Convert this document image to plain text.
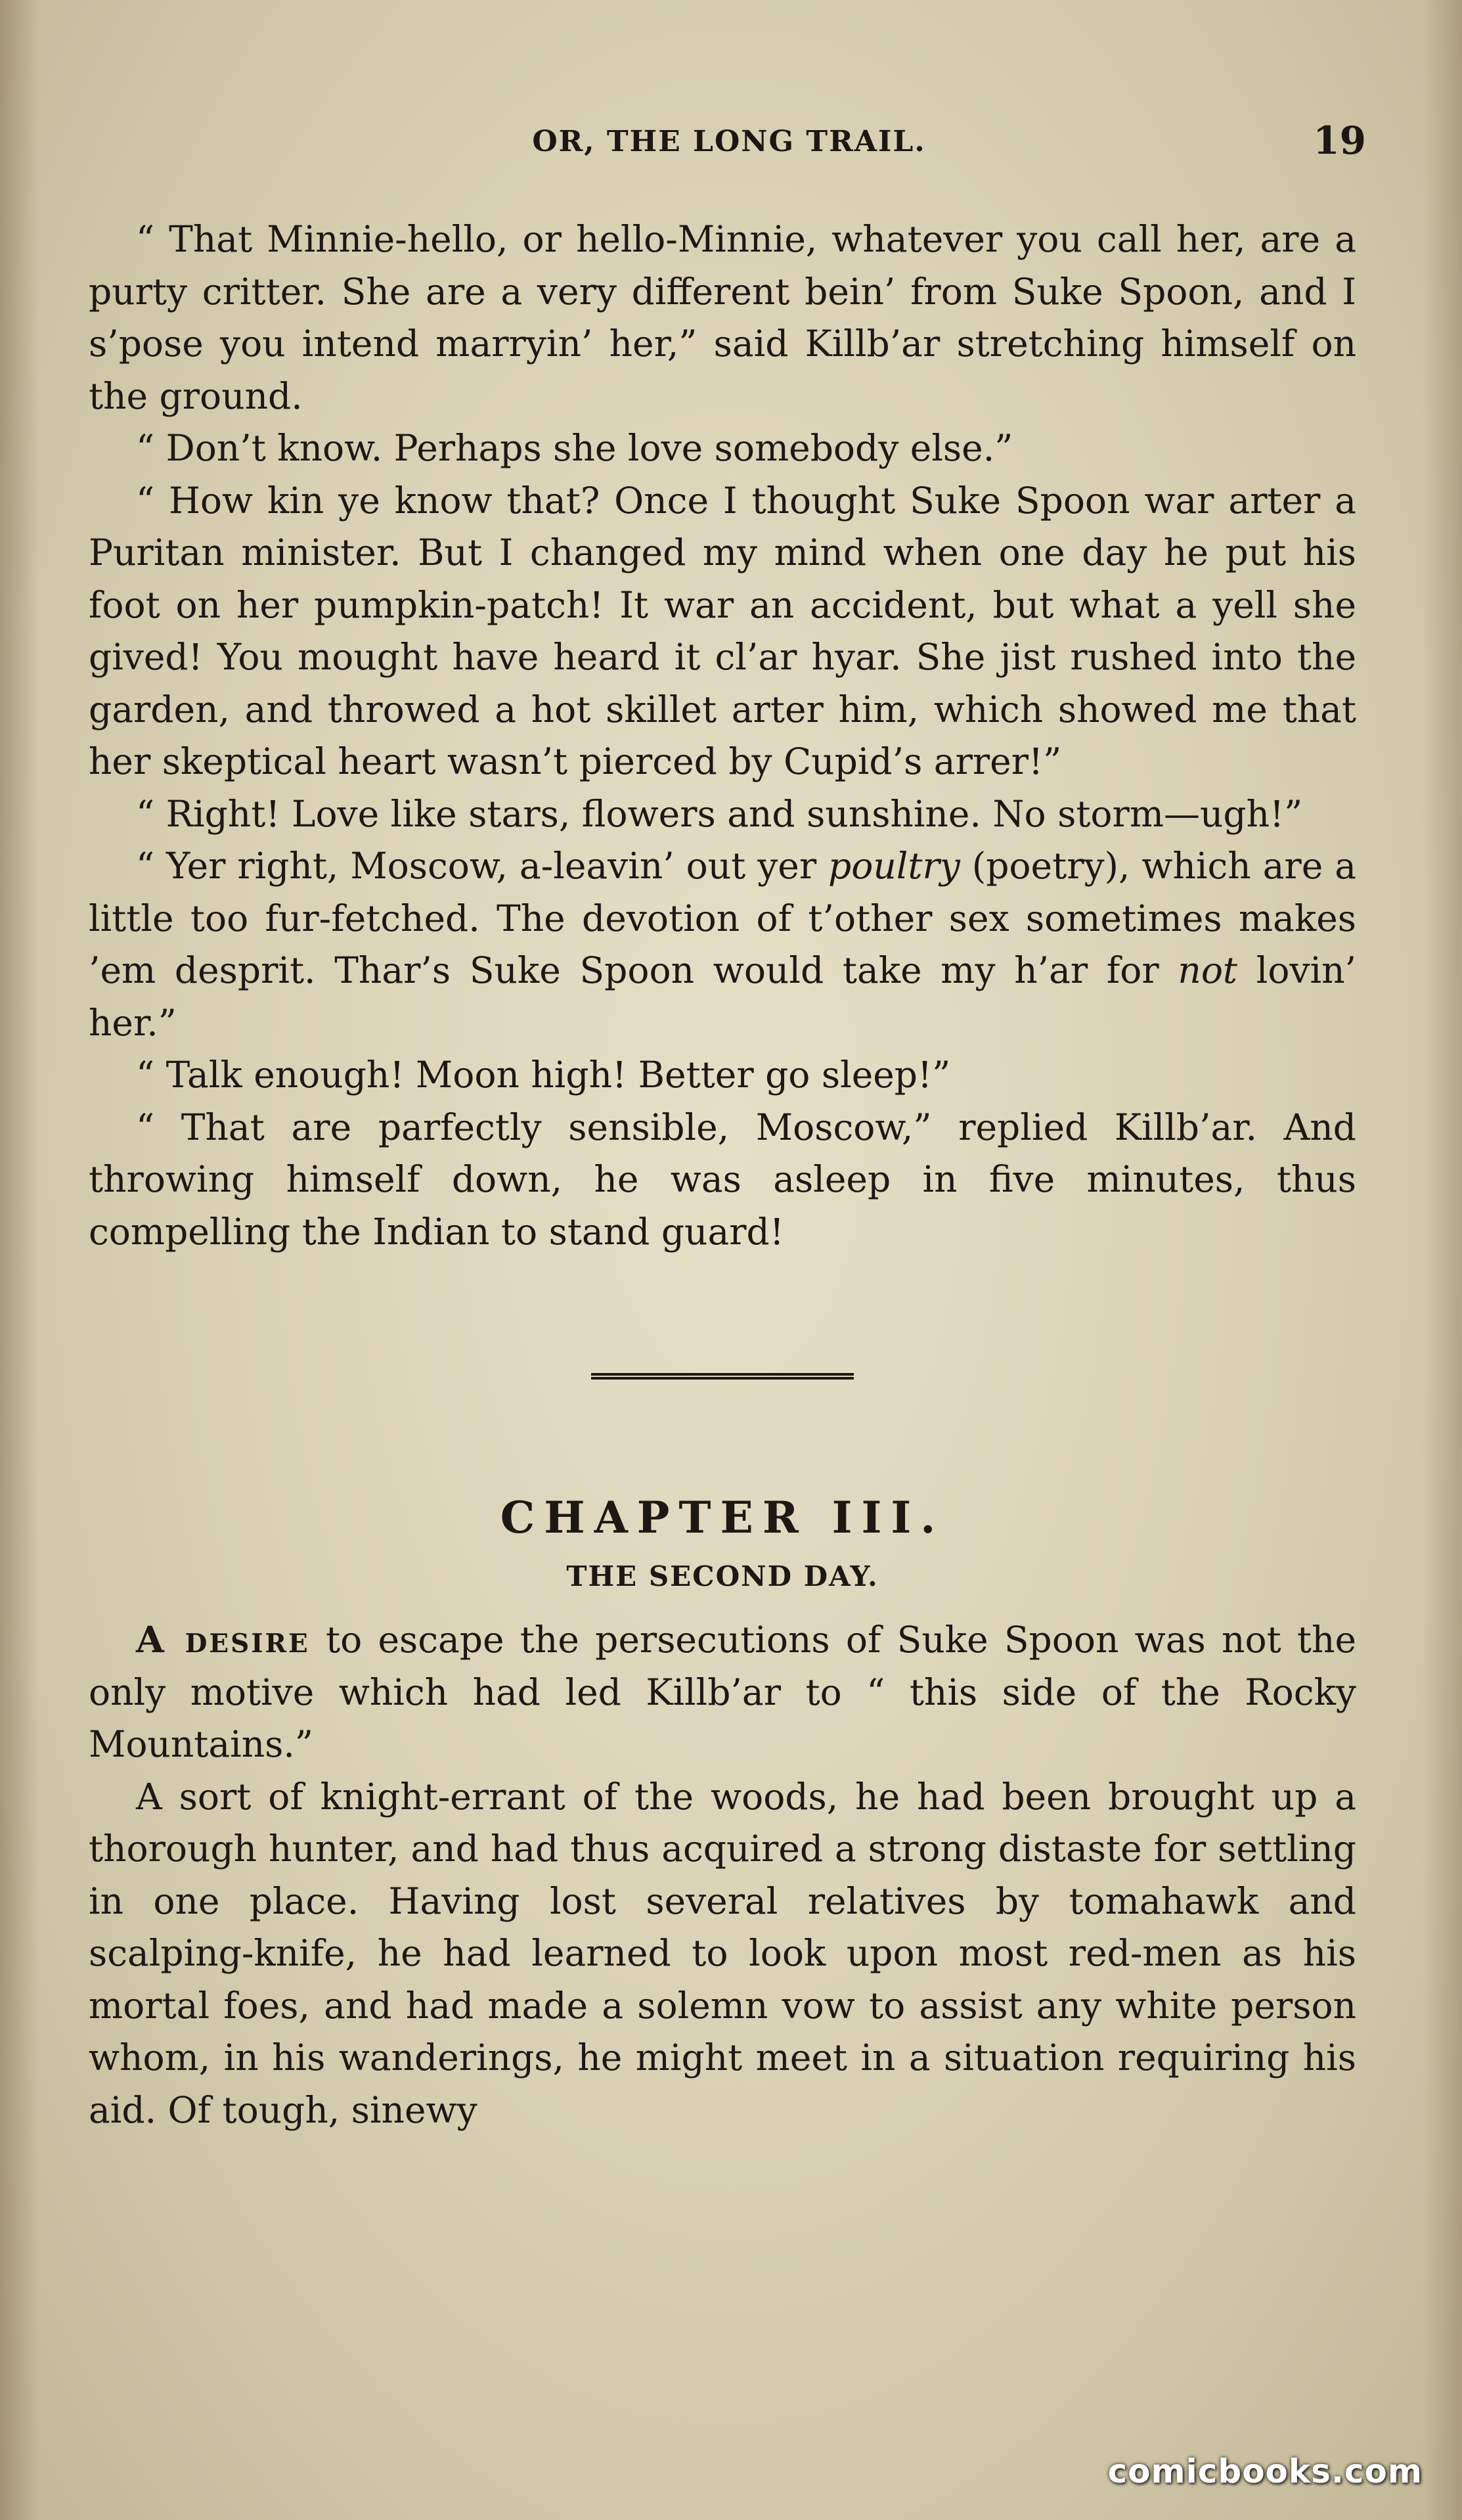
OR, THE LONG TRAIL.	19

“ That Minnie-hello, or hello-Minnie, whatever you call her, are a purty critter. She are a very different bein’ from Suke Spoon, and I s’pose you intend marryin’ her,” said Killb’ar stretching himself on the ground.

“ Don’t know. Perhaps she love somebody else.”

“ How kin ye know that? Once I thought Suke Spoon war arter a Puritan minister. But I changed my mind when one day he put his foot on her pumpkin-patch! It war an accident, but what a yell she gived! You mought have heard it cl’ar hyar. She jist rushed into the garden, and throwed a hot skillet arter him, which showed me that her skeptical heart wasn’t pierced by Cupid’s arrer!”

“ Right! Love like stars, flowers and sunshine. No storm—ugh!”

“ Yer right, Moscow, a-leavin’ out yer poultry (poetry), which are a little too fur-fetched. The devotion of t’other sex sometimes makes ’em desprit. Thar’s Suke Spoon would take my h’ar for not lovin’ her.”

“ Talk enough! Moon high! Better go sleep!”

“ That are parfectly sensible, Moscow,” replied Killb’ar. And throwing himself down, he was asleep in five minutes, thus compelling the Indian to stand guard!

CHAPTER III.

THE SECOND DAY.

A desire to escape the persecutions of Suke Spoon was not the only motive which had led Killb’ar to “ this side of the Rocky Mountains.”

A sort of knight-errant of the woods, he had been brought up a thorough hunter, and had thus acquired a strong distaste for settling in one place. Having lost several relatives by tomahawk and scalping-knife, he had learned to look upon most red-men as his mortal foes, and had made a solemn vow to assist any white person whom, in his wanderings, he might meet in a situation requiring his aid. Of tough, sinewy

comicbooks.com
